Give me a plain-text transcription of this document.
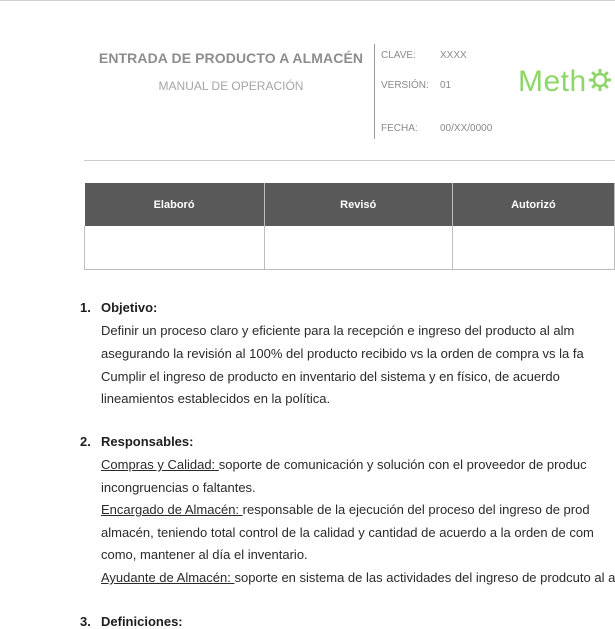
ENTRADA DE PRODUCTO A ALMACÉN
MANUAL DE OPERACIÓN
CLAVE: XXXX
VERSIÓN: 01
FECHA: 00/XX/0000
Meth
Elaboró	Revisó	Autorizó

1. Objetivo:
Definir un proceso claro y eficiente para la recepción e ingreso del producto al alm
asegurando la revisión al 100% del producto recibido vs la orden de compra vs la fa
Cumplir el ingreso de producto en inventario del sistema y en físico, de acuerdo
lineamientos establecidos en la política.
2. Responsables:
Compras y Calidad: soporte de comunicación y solución con el proveedor de produc
incongruencias o faltantes.
Encargado de Almacén: responsable de la ejecución del proceso del ingreso de prod
almacén, teniendo total control de la calidad y cantidad de acuerdo a la orden de com
como, mantener al día el inventario.
Ayudante de Almacén: soporte en sistema de las actividades del ingreso de prodcuto al a
3. Definiciones:
